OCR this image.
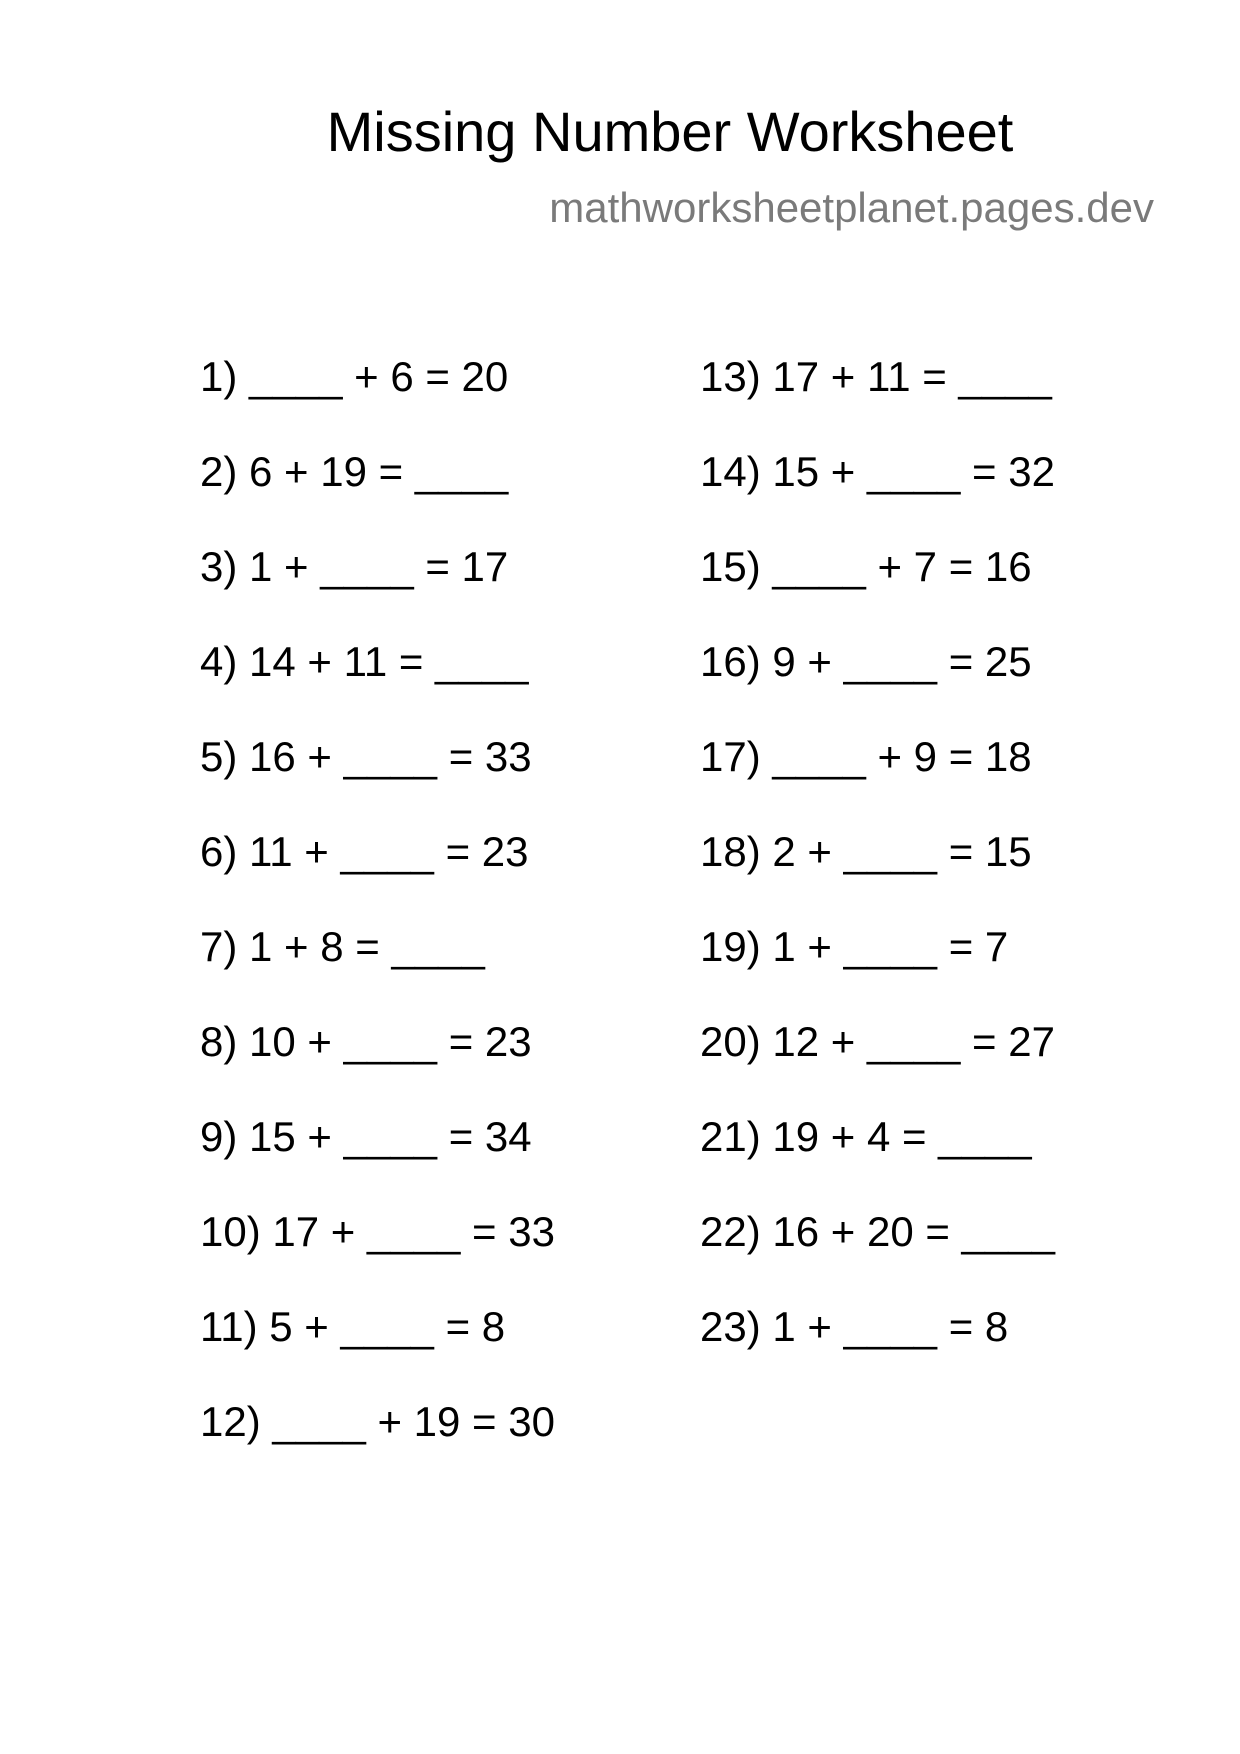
Missing Number Worksheet
mathworksheetplanet.pages.dev
1) ____ + 6 = 20
2) 6 + 19 = ____
3) 1 + ____ = 17
4) 14 + 11 = ____
5) 16 + ____ = 33
6) 11 + ____ = 23
7) 1 + 8 = ____
8) 10 + ____ = 23
9) 15 + ____ = 34
10) 17 + ____ = 33
11) 5 + ____ = 8
12) ____ + 19 = 30
13) 17 + 11 = ____
14) 15 + ____ = 32
15) ____ + 7 = 16
16) 9 + ____ = 25
17) ____ + 9 = 18
18) 2 + ____ = 15
19) 1 + ____ = 7
20) 12 + ____ = 27
21) 19 + 4 = ____
22) 16 + 20 = ____
23) 1 + ____ = 8
